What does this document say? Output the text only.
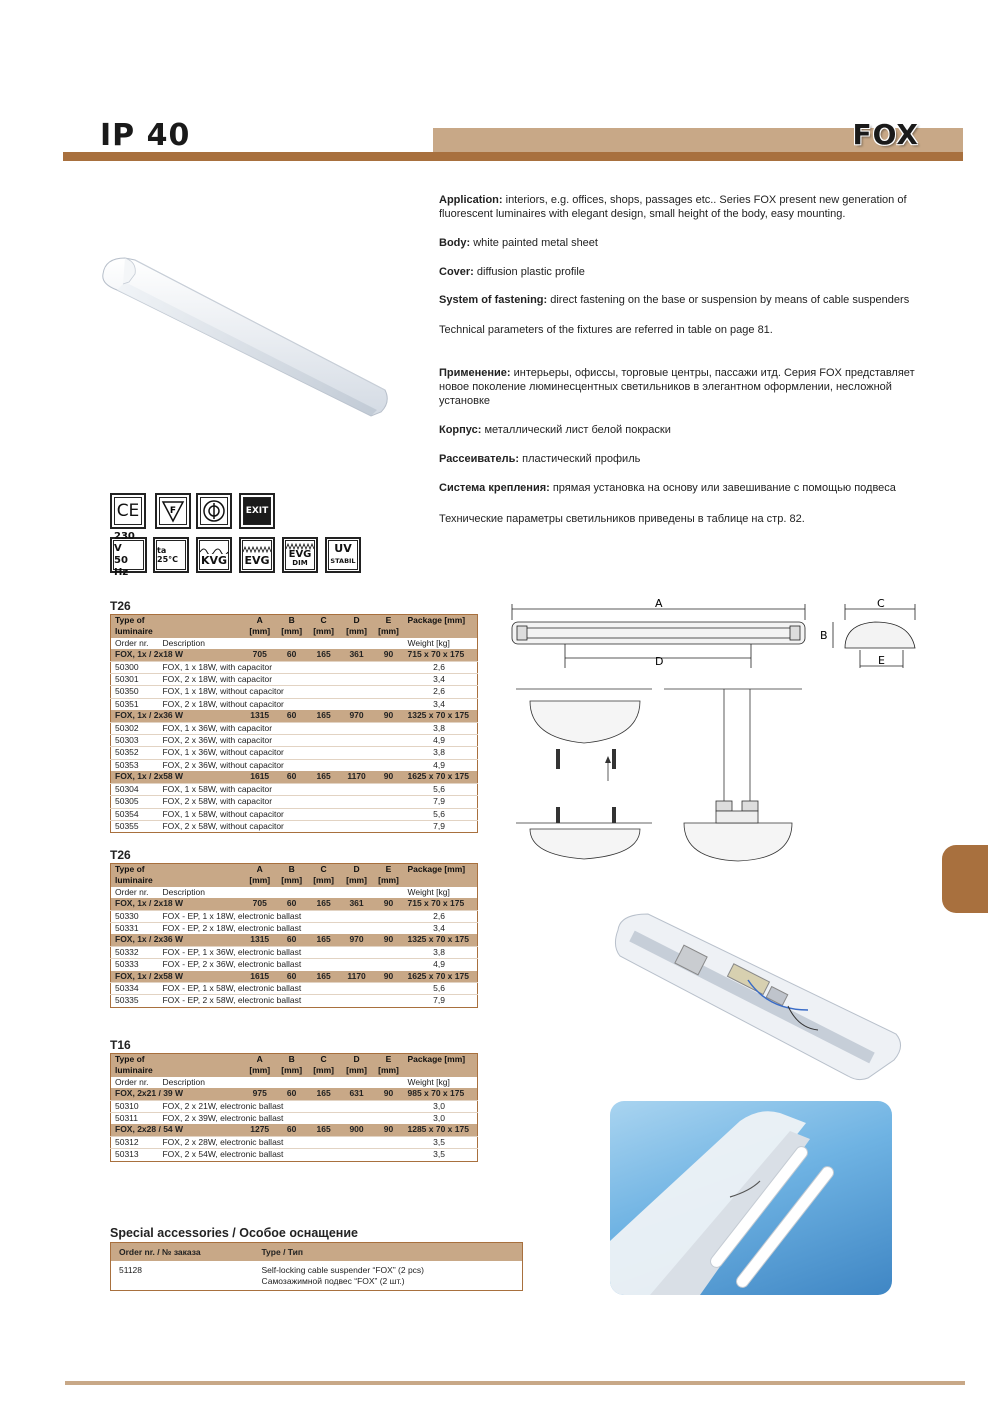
IP 40	FOX

Application: interiors, e.g. offices, shops, passages etc.. Series FOX present new generation of fluorescent luminaires with elegant design, small height of the body, easy mounting.

Body: white painted metal sheet

Cover: diffusion plastic profile

System of fastening: direct fastening on the base or suspension by means of cable suspenders

Technical parameters of the fixtures are referred in table on page 81.

Применение: интерьеры, офиссы, торговые центры, пассажи итд. Серия FOX представляет новое поколение люминесцентных светильников в элегантном оформлении, несложной установке

Корпус: металлический лист белой покраски

Рассеиватель: пластический профиль

Система крепления: прямая установка на основу или завешивание с помощью подвеса

Технические параметры светильников приведены в таблице на стр. 82.

CE	F	EXIT
230 V
50 Hz
ta 25°C	KVG EVG EVG
DIM
UV
STABIL
T26
Type of		A	B	C	D	E	Package [mm]
luminaire		[mm]	[mm]	[mm]	[mm]	[mm]	
Order nr.	Description						Weight [kg]
FOX, 1x / 2x18 W		705	60	165	361	90	715 x 70 x 175
50300	FOX, 1 x 18W, with capacitor						2,6
50301	FOX, 2 x 18W, with capacitor						3,4
50350	FOX, 1 x 18W, without capacitor						2,6
50351	FOX, 2 x 18W, without capacitor						3,4
FOX, 1x / 2x36 W		1315	60	165	970	90	1325 x 70 x 175
50302	FOX, 1 x 36W, with capacitor						3,8
50303	FOX, 2 x 36W, with capacitor						4,9
50352	FOX, 1 x 36W, without capacitor						3,8
50353	FOX, 2 x 36W, without capacitor						4,9
FOX, 1x / 2x58 W		1615	60	165	1170	90	1625 x 70 x 175
50304	FOX, 1 x 58W, with capacitor						5,6
50305	FOX, 2 x 58W, with capacitor						7,9
50354	FOX, 1 x 58W, without capacitor						5,6
50355	FOX, 2 x 58W, without capacitor						7,9
T26
Type of		A	B	C	D	E	Package [mm]
luminaire		[mm]	[mm]	[mm]	[mm]	[mm]	
Order nr.	Description						Weight [kg]
FOX, 1x / 2x18 W		705	60	165	361	90	715 x 70 x 175
50330	FOX - EP, 1 x 18W, electronic ballast						2,6
50331	FOX - EP, 2 x 18W, electronic ballast						3,4
FOX, 1x / 2x36 W		1315	60	165	970	90	1325 x 70 x 175
50332	FOX - EP, 1 x 36W, electronic ballast						3,8
50333	FOX - EP, 2 x 36W, electronic ballast						4,9
FOX, 1x / 2x58 W		1615	60	165	1170	90	1625 x 70 x 175
50334	FOX - EP, 1 x 58W, electronic ballast						5,6
50335	FOX - EP, 2 x 58W, electronic ballast						7,9
T16
Type of		A	B	C	D	E	Package [mm]
luminaire		[mm]	[mm]	[mm]	[mm]	[mm]	
Order nr.	Description						Weight [kg]
FOX, 2x21 / 39 W		975	60	165	631	90	985 x 70 x 175
50310	FOX, 2 x 21W, electronic ballast						3,0
50311	FOX, 2 x 39W, electronic ballast						3,0
FOX, 2x28 / 54 W		1275	60	165	900	90	1285 x 70 x 175
50312	FOX, 2 x 28W, electronic ballast						3,5
50313	FOX, 2 x 54W, electronic ballast						3,5
Special accessories / Особое оснащение
Order nr. / № заказа	Type / Тип
51128	Self-locking cable suspender “FOX” (2 pcs)
Самозажимной подвес “FOX” (2 шт.)
A
D
C
B
E
